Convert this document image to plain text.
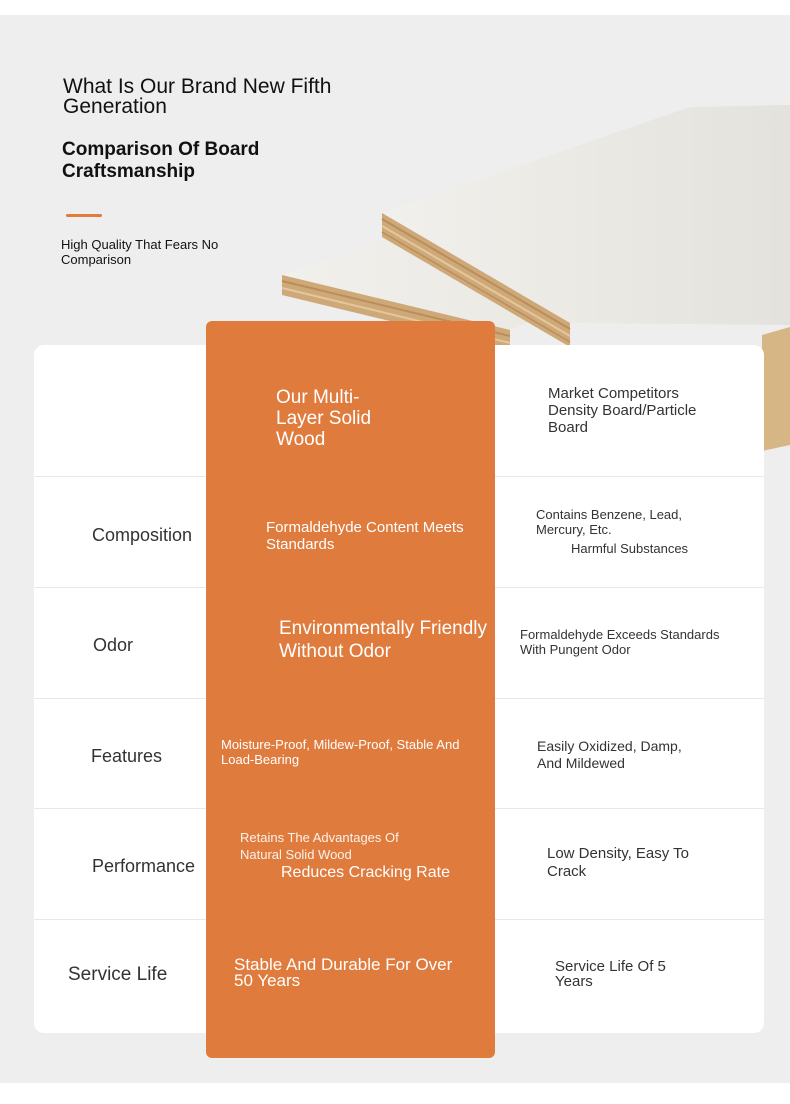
What Is Our Brand New Fifth Generation
Comparison Of Board Craftsmanship
High Quality That Fears No Comparison
Our Multi-Layer Solid Wood
Market Competitors Density Board/Particle Board
Composition	Formaldehyde Content Meets Standards
Contains Benzene, Lead, Mercury, Etc.
Harmful Substances
Odor
Environmentally Friendly Without Odor
Formaldehyde Exceeds Standards With Pungent Odor
Features
Moisture-Proof, Mildew-Proof, Stable And Load-Bearing
Easily Oxidized, Damp, And Mildewed
Performance
Retains The Advantages Of Natural Solid Wood
Reduces Cracking Rate
Low Density, Easy To Crack
Service Life	Stable And Durable For Over 50 Years
Service Life Of 5 Years
